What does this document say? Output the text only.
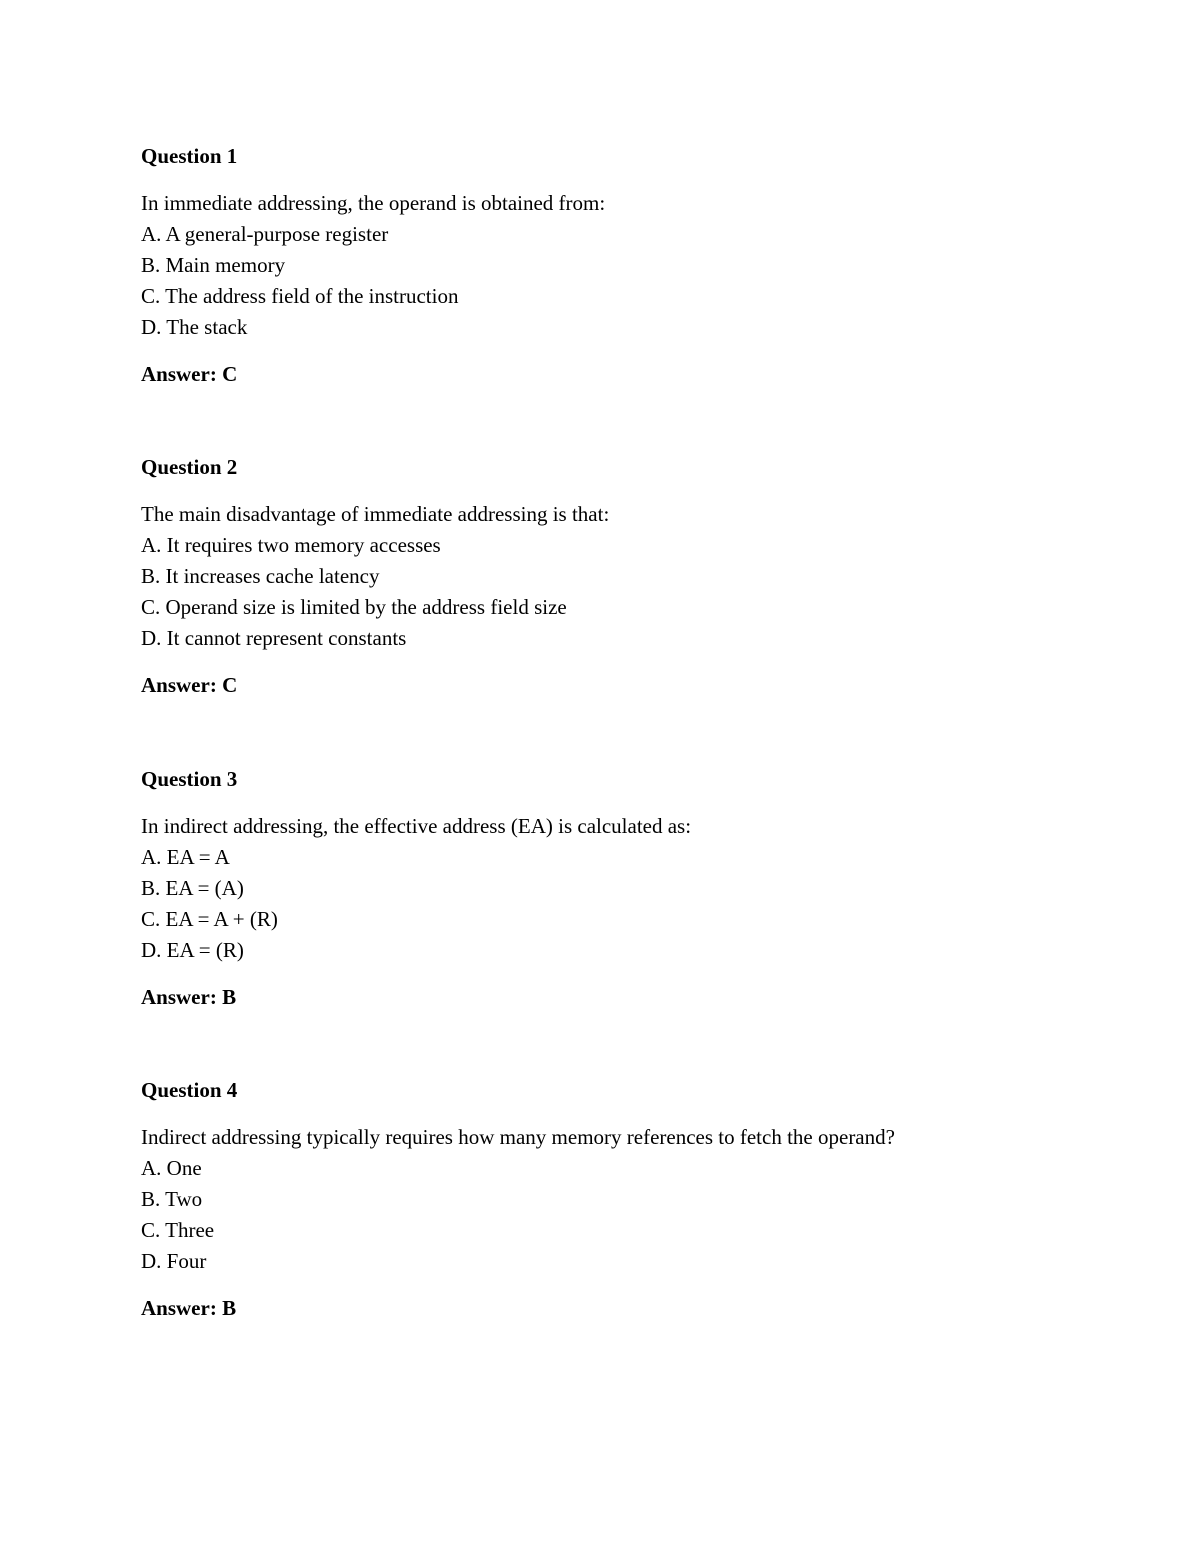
Question 1

In immediate addressing, the operand is obtained from:

A. A general-purpose register

B. Main memory

C. The address field of the instruction

D. The stack

Answer: C

Question 2

The main disadvantage of immediate addressing is that:

A. It requires two memory accesses

B. It increases cache latency

C. Operand size is limited by the address field size

D. It cannot represent constants

Answer: C

Question 3

In indirect addressing, the effective address (EA) is calculated as:

A. EA = A

B. EA = (A)

C. EA = A + (R)

D. EA = (R)

Answer: B

Question 4

Indirect addressing typically requires how many memory references to fetch the operand?

A. One

B. Two

C. Three

D. Four

Answer: B
